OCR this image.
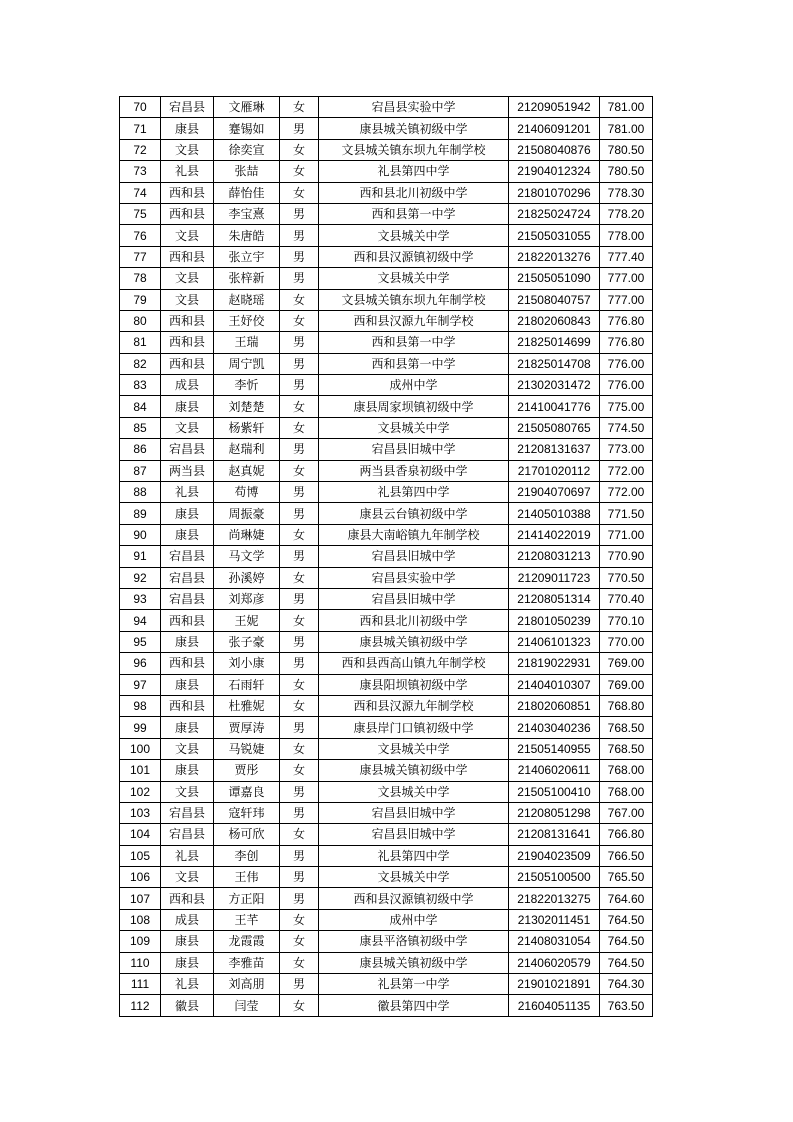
70	宕昌县	文雁琳	女	宕昌县实验中学	21209051942	781.00
71	康县	蹇锡如	男	康县城关镇初级中学	21406091201	781.00
72	文县	徐奕宣	女	文县城关镇东坝九年制学校	21508040876	780.50
73	礼县	张喆	女	礼县第四中学	21904012324	780.50
74	西和县	薛怡佳	女	西和县北川初级中学	21801070296	778.30
75	西和县	李宝熹	男	西和县第一中学	21825024724	778.20
76	文县	朱唐皓	男	文县城关中学	21505031055	778.00
77	西和县	张立宇	男	西和县汉源镇初级中学	21822013276	777.40
78	文县	张梓新	男	文县城关中学	21505051090	777.00
79	文县	赵晓瑶	女	文县城关镇东坝九年制学校	21508040757	777.00
80	西和县	王妤佼	女	西和县汉源九年制学校	21802060843	776.80
81	西和县	王瑞	男	西和县第一中学	21825014699	776.80
82	西和县	周宁凯	男	西和县第一中学	21825014708	776.00
83	成县	李忻	男	成州中学	21302031472	776.00
84	康县	刘楚楚	女	康县周家坝镇初级中学	21410041776	775.00
85	文县	杨紫轩	女	文县城关中学	21505080765	774.50
86	宕昌县	赵瑞利	男	宕昌县旧城中学	21208131637	773.00
87	两当县	赵真妮	女	两当县香泉初级中学	21701020112	772.00
88	礼县	苟博	男	礼县第四中学	21904070697	772.00
89	康县	周振豪	男	康县云台镇初级中学	21405010388	771.50
90	康县	尚琳婕	女	康县大南峪镇九年制学校	21414022019	771.00
91	宕昌县	马文学	男	宕昌县旧城中学	21208031213	770.90
92	宕昌县	孙溪婷	女	宕昌县实验中学	21209011723	770.50
93	宕昌县	刘郑彦	男	宕昌县旧城中学	21208051314	770.40
94	西和县	王妮	女	西和县北川初级中学	21801050239	770.10
95	康县	张子豪	男	康县城关镇初级中学	21406101323	770.00
96	西和县	刘小康	男	西和县西高山镇九年制学校	21819022931	769.00
97	康县	石雨轩	女	康县阳坝镇初级中学	21404010307	769.00
98	西和县	杜雅妮	女	西和县汉源九年制学校	21802060851	768.80
99	康县	贾厚涛	男	康县岸门口镇初级中学	21403040236	768.50
100	文县	马锐婕	女	文县城关中学	21505140955	768.50
101	康县	贾彤	女	康县城关镇初级中学	21406020611	768.00
102	文县	谭嘉良	男	文县城关中学	21505100410	768.00
103	宕昌县	寇轩玮	男	宕昌县旧城中学	21208051298	767.00
104	宕昌县	杨可欣	女	宕昌县旧城中学	21208131641	766.80
105	礼县	李创	男	礼县第四中学	21904023509	766.50
106	文县	王伟	男	文县城关中学	21505100500	765.50
107	西和县	方正阳	男	西和县汉源镇初级中学	21822013275	764.60
108	成县	王芊	女	成州中学	21302011451	764.50
109	康县	龙霞霞	女	康县平洛镇初级中学	21408031054	764.50
110	康县	李雅苗	女	康县城关镇初级中学	21406020579	764.50
111	礼县	刘高朋	男	礼县第一中学	21901021891	764.30
112	徽县	闫莹	女	徽县第四中学	21604051135	763.50
